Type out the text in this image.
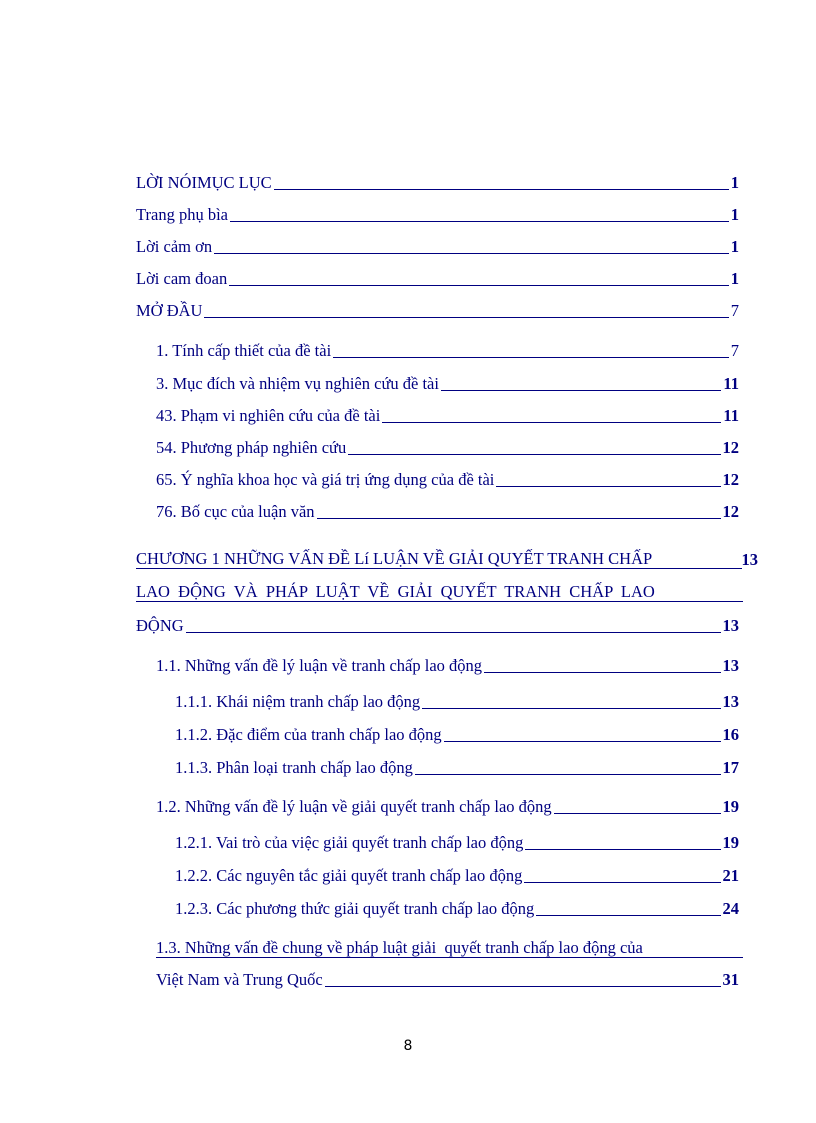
LỜI NÓIMỤC LỤC	1
Trang phụ bìa	1
Lời cảm ơn	1
Lời cam đoan	1
MỞ ĐẦU	7
1. Tính cấp thiết của đề tài	7
3. Mục đích và nhiệm vụ nghiên cứu đề tài	11
43. Phạm vi nghiên cứu của đề tài	11
54. Phương pháp nghiên cứu	12
65. Ý nghĩa khoa học và giá trị ứng dụng của đề tài	12
76. Bố cục của luận văn	12
CHƯƠNG 1 NHỮNG VẤN ĐỀ Lí LUẬN VỀ GIẢI QUYẾT TRANH CHẤP	13
LAO  ĐỘNG  VÀ  PHÁP  LUẬT  VỀ  GIẢI  QUYẾT  TRANH  CHẤP  LAO
ĐỘNG	13
1.1. Những vấn đề lý luận về tranh chấp lao động	13
1.1.1. Khái niệm tranh chấp lao động	13
1.1.2. Đặc điểm của tranh chấp lao động	16
1.1.3. Phân loại tranh chấp lao động	17
1.2. Những vấn đề lý luận về giải quyết tranh chấp lao động	19
1.2.1. Vai trò của việc giải quyết tranh chấp lao động	19
1.2.2. Các nguyên tắc giải quyết tranh chấp lao động	21
1.2.3. Các phương thức giải quyết tranh chấp lao động	24
1.3. Những vấn đề chung về pháp luật giải  quyết tranh chấp lao động của
Việt Nam và Trung Quốc	31
8
